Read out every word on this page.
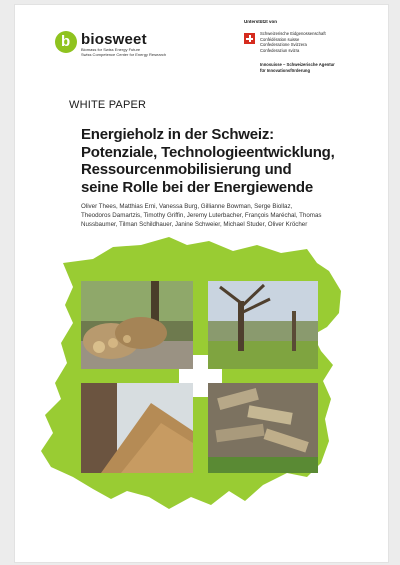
b biosweet
Biomass for Swiss Energy Future
Swiss Competence Center for Energy Research
Unterstützt von
Schweizerische Eidgenossenschaft
Confédération suisse
Confederazione Svizzera
Confederaziun svizra
Innosuisse – Schweizerische Agentur
für Innovationsförderung
WHITE PAPER
Energieholz in der Schweiz:
Potenziale, Technologieentwicklung,
Ressourcenmobilisierung und
seine Rolle bei der Energiewende
Oliver Thees, Matthias Erni, Vanessa Burg, Gillianne Bowman, Serge Biollaz,
Theodoros Damartzis, Timothy Griffin, Jeremy Luterbacher, François Maréchal, Thomas
Nussbaumer, Tilman Schildhauer, Janine Schweier, Michael Studer, Oliver Kröcher
